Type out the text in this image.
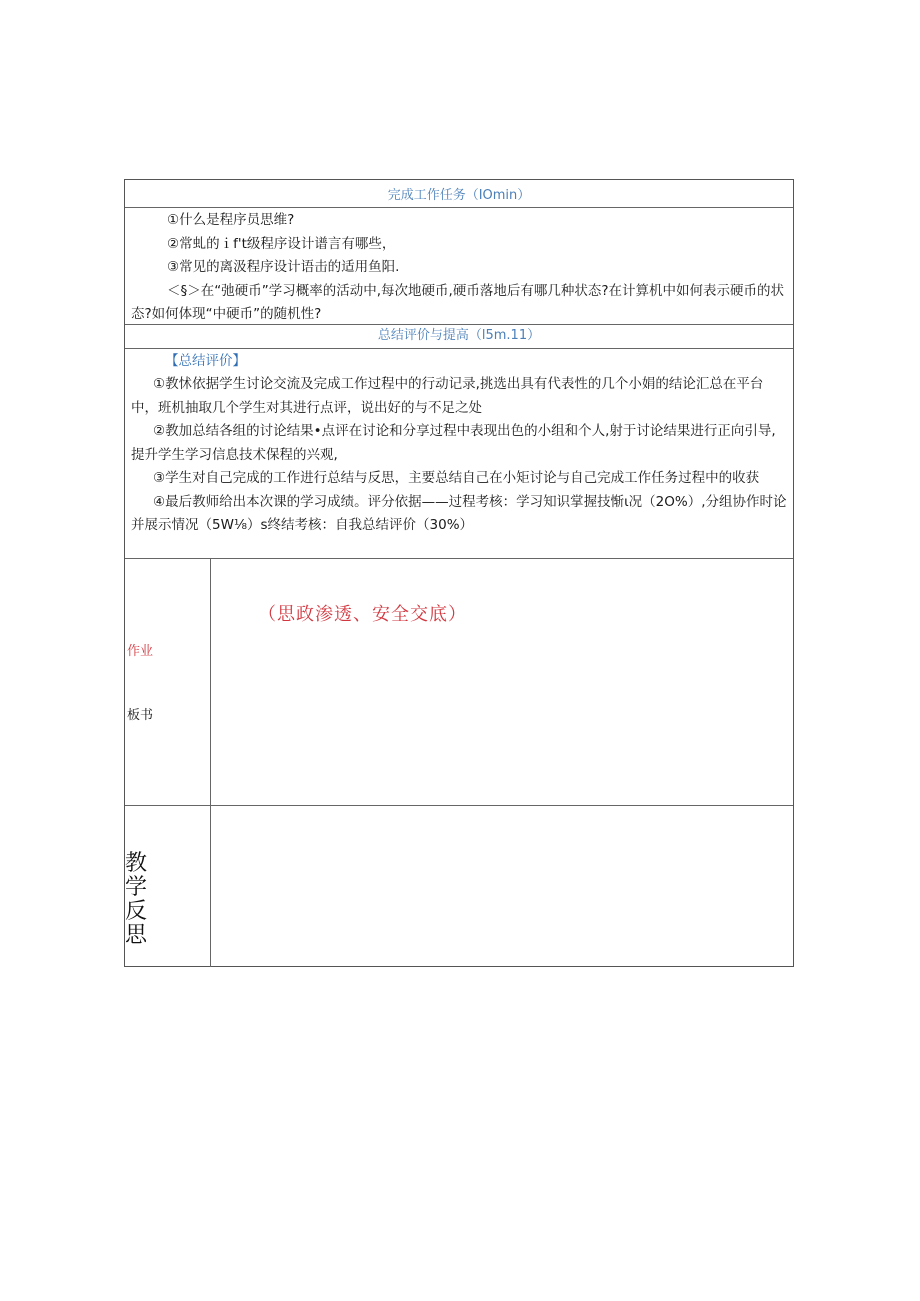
完成工作任务（IOmin）

①什么是程序员思维?

②常虬的ｉf't级程序设计谱言有哪些，

③常见的离汲程序设计语击的适用鱼阳.

＜§＞在“弛硬币”学习概率的活动中,每次地硬币,硬币落地后有哪几种状态?在计算机中如何表示硬币的状态?如何体现“中硬币”的随机性?

总结评价与提高（l5m.11）
【总结评价】

①教怵依据学生讨论交流及完成工作过程中的行动记录,挑选出具有代表性的几个小娟的结论汇总在平台中，班机抽取几个学生对其进行点评，说出好的与不足之处

②教加总结各组的讨论结果•点评在讨论和分享过程中表现出色的小组和个人,射于讨论结果进行正向引导,提升学生学习信息技术保程的兴观,

③学生对自己完成的工作进行总结与反思，主要总结自己在小矩讨论与自己完成工作任务过程中的收获

④最后教师给出本次课的学习成绩。评分依据——过程考核：学习知识掌握技惭ι况（2O%）,分组协作时论并展示情况（5W⅛）s终结考核：自我总结评价（30%）

作业
板书
（思政渗透、安全交底）
教学反思
